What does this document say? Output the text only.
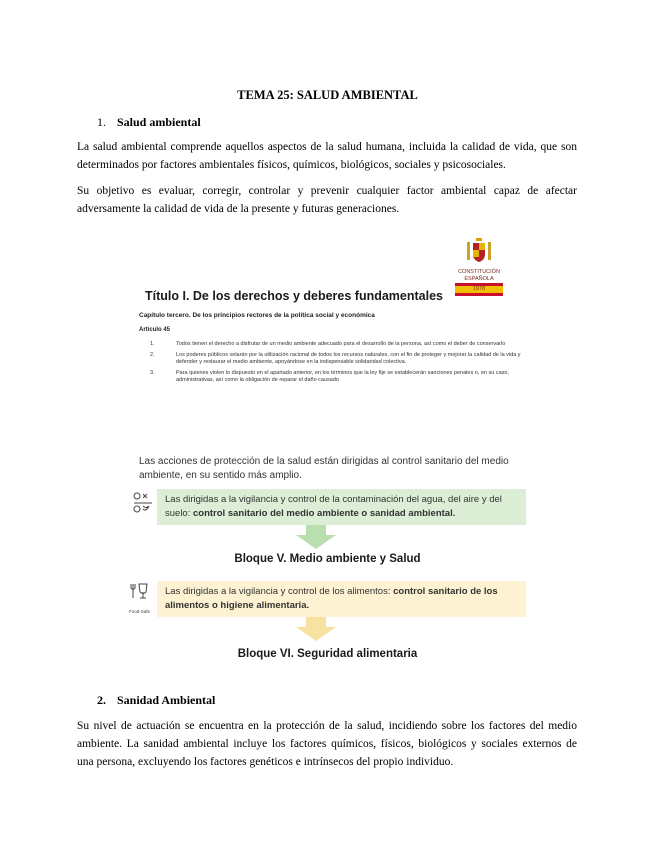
TEMA 25: SALUD AMBIENTAL
1. Salud ambiental
La salud ambiental comprende aquellos aspectos de la salud humana, incluida la calidad de vida, que son
determinados por factores ambientales físicos, químicos, biológicos, sociales y psicosociales.
Su objetivo es evaluar, corregir, controlar y prevenir cualquier factor ambiental capaz de afectar
adversamente la calidad de vida de la presente y futuras generaciones.
CONSTITUCIÓN
ESPAÑOLA
1978
Título I. De los derechos y deberes fundamentales
Capítulo tercero. De los principios rectores de la política social y económica
Artículo 45
1.	Todos tienen el derecho a disfrutar de un medio ambiente adecuado para el desarrollo de la persona, así como el deber de conservarlo
2.	Los poderes públicos velarán por la utilización racional de todos los recursos naturales, con el fin de proteger y mejorar la calidad de la vida y defender y restaurar el medio ambiente, apoyándose en la indispensable solidaridad colectiva.
3.	Para quienes violen lo dispuesto en el apartado anterior, en los términos que la ley fije se establecerán sanciones penales o, en su caso, administrativas, así como la obligación de reparar el daño causado
Las acciones de protección de la salud están dirigidas al control sanitario del medio ambiente, en su sentido más amplio.
Las dirigidas a la vigilancia y control de la contaminación del agua, del aire y del suelo: control sanitario del medio ambiente o sanidad ambiental.
Bloque V. Medio ambiente y Salud
Food-Safe
Las dirigidas a la vigilancia y control de los alimentos: control sanitario de los alimentos o higiene alimentaria.
Bloque VI. Seguridad alimentaria
2. Sanidad Ambiental
Su nivel de actuación se encuentra en la protección de la salud, incidiendo sobre los factores del medio
ambiente. La sanidad ambiental incluye los factores químicos, físicos, biológicos y sociales externos de
una persona, excluyendo los factores genéticos e intrínsecos del propio individuo.
